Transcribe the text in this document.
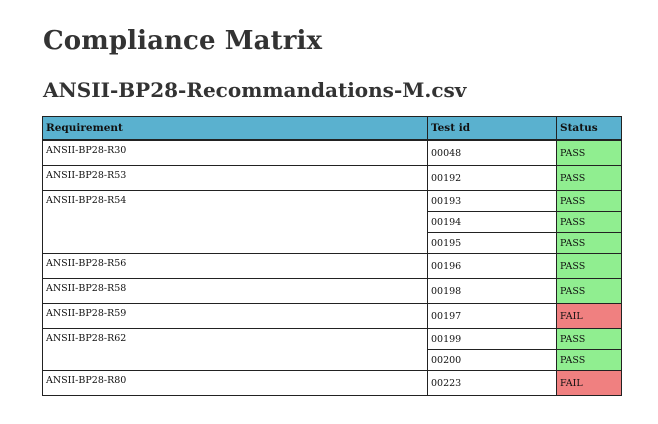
Compliance Matrix
ANSII-BP28-Recommandations-M.csv
Requirement	Test id	Status
ANSII-BP28-R30	00048	PASS
ANSII-BP28-R53	00192	PASS
ANSII-BP28-R54	00193	PASS
	00194	PASS
	00195	PASS
ANSII-BP28-R56	00196	PASS
ANSII-BP28-R58	00198	PASS
ANSII-BP28-R59	00197	FAIL
ANSII-BP28-R62	00199	PASS
	00200	PASS
ANSII-BP28-R80	00223	FAIL
